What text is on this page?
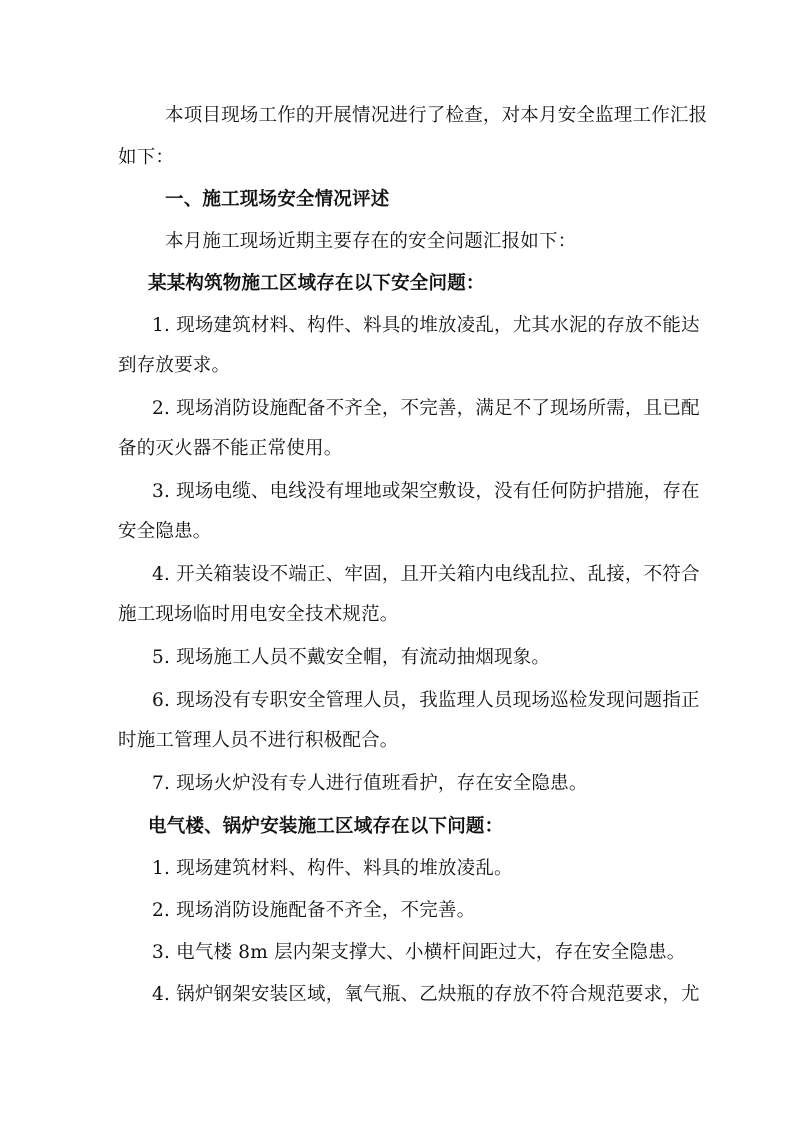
本项目现场工作的开展情况进行了检查，对本月安全监理工作汇报
如下：
一、施工现场安全情况评述
本月施工现场近期主要存在的安全问题汇报如下：
某某构筑物施工区域存在以下安全问题：
1. 现场建筑材料、构件、料具的堆放凌乱，尤其水泥的存放不能达
到存放要求。
2. 现场消防设施配备不齐全，不完善，满足不了现场所需，且已配
备的灭火器不能正常使用。
3. 现场电缆、电线没有埋地或架空敷设，没有任何防护措施，存在
安全隐患。
4. 开关箱装设不端正、牢固，且开关箱内电线乱拉、乱接，不符合
施工现场临时用电安全技术规范。
5. 现场施工人员不戴安全帽，有流动抽烟现象。
6. 现场没有专职安全管理人员，我监理人员现场巡检发现问题指正
时施工管理人员不进行积极配合。
7. 现场火炉没有专人进行值班看护，存在安全隐患。
电气楼、锅炉安装施工区域存在以下问题：
1. 现场建筑材料、构件、料具的堆放凌乱。
2. 现场消防设施配备不齐全，不完善。
3. 电气楼 8m 层内架支撑大、小横杆间距过大，存在安全隐患。
4. 锅炉钢架安装区域，氧气瓶、乙炔瓶的存放不符合规范要求，尤
